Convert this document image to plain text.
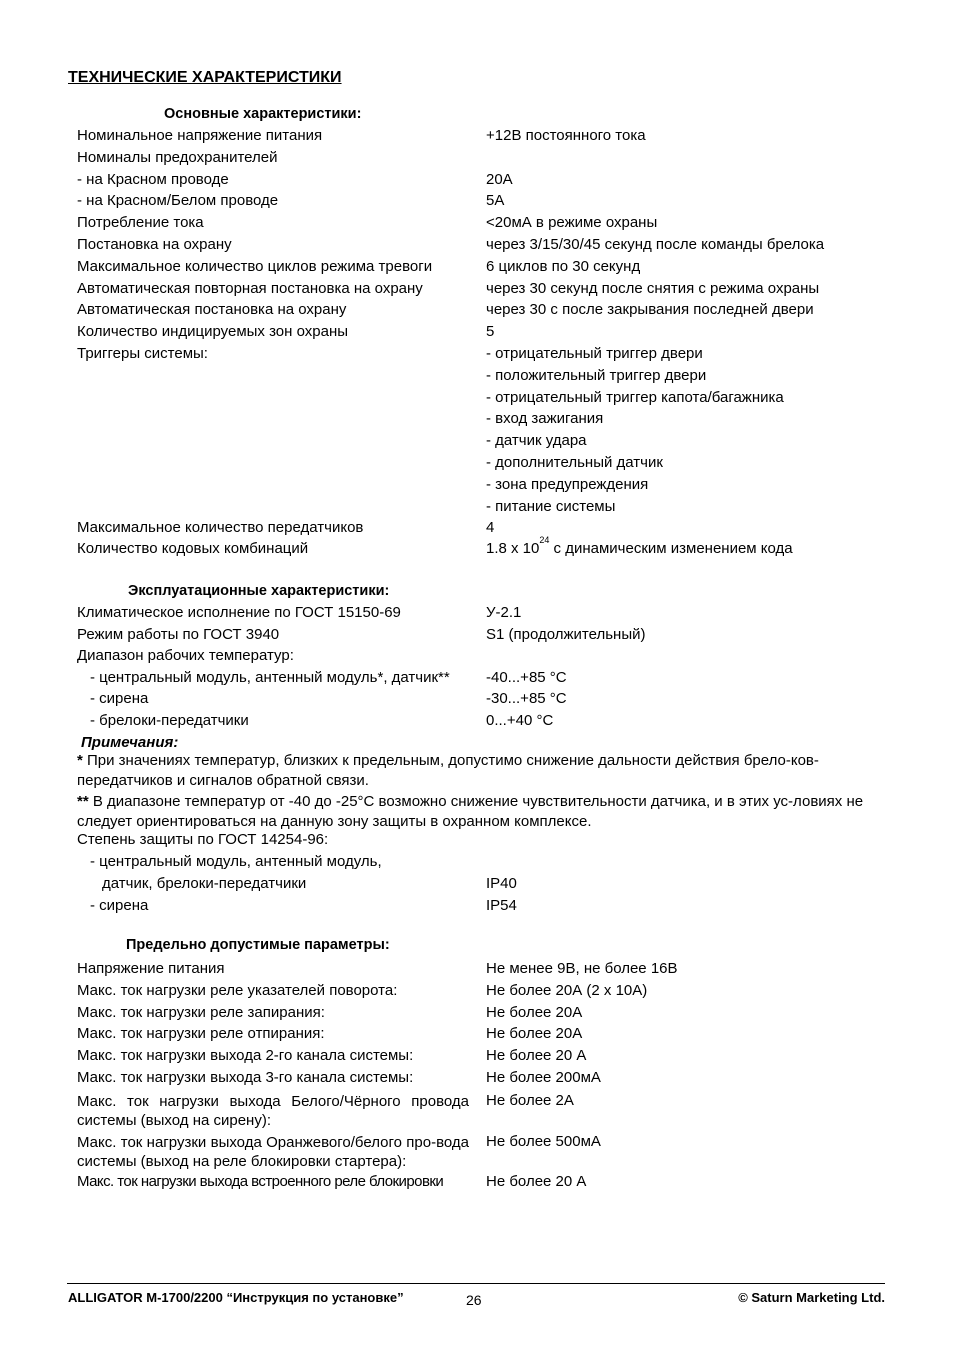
ТЕХНИЧЕСКИЕ ХАРАКТЕРИСТИКИ
Основные характеристики:
Номинальное напряжение питания	+12В постоянного тока
Номиналы предохранителей
- на Красном проводе	20А
- на Красном/Белом проводе	5А
Потребление тока	<20мА в режиме охраны
Постановка на охрану	через 3/15/30/45 секунд после команды брелока
Максимальное количество циклов режима тревоги	6 циклов по 30 секунд
Автоматическая повторная постановка на охрану	через 30 секунд после снятия с режима охраны
Автоматическая постановка на охрану	через 30 с после закрывания последней двери
Количество индицируемых зон охраны	5
Триггеры системы:	- отрицательный триггер двери
- положительный триггер двери
- отрицательный триггер капота/багажника
- вход зажигания
- датчик удара
- дополнительный датчик
- зона предупреждения
- питание системы
Максимальное количество передатчиков	4
Количество кодовых комбинаций	1.8 x $10^{24}$ с динамическим изменением кода
Эксплуатационные характеристики:
Климатическое исполнение по ГОСТ 15150-69	У-2.1
Режим работы по ГОСТ 3940	S1 (продолжительный)
Диапазон рабочих температур:
- центральный модуль, антенный модуль*, датчик** -40...+85 °C
- сирена	-30...+85 °C
- брелоки-передатчики	0...+40 °C
Примечания:
* При значениях температур, близких к предельным, допустимо снижение дальности действия брело-ков-передатчиков и сигналов обратной связи.
** В диапазоне температур от -40 до -25°С возможно снижение чувствительности датчика, и в этих ус-ловиях не следует ориентироваться на данную зону защиты в охранном комплексе.
Степень защиты по ГОСТ 14254-96:
- центральный модуль, антенный модуль,
датчик, брелоки-передатчики	IP40
- сирена	IP54
Предельно допустимые параметры:
Напряжение питания	Не менее 9В, не более 16В
Макс. ток нагрузки реле указателей поворота:	Не более 20А (2 x 10А)
Макс. ток нагрузки реле запирания:	Не более 20А
Макс. ток нагрузки реле отпирания:	Не более 20А
Макс. ток нагрузки выхода 2-го канала системы:	Не более 20 А
Макс. ток нагрузки выхода 3-го канала системы:	Не более 200мА
Макс. ток нагрузки выхода Белого/Чёрного провода системы (выход на сирену):
Не более 2А
Макс. ток нагрузки выхода Оранжевого/белого про-вода системы (выход на реле блокировки стартера):
Не более 500мА
Макс. ток нагрузки выхода встроенного реле блокировки	Не более 20 А
ALLIGATOR M-1700/2200 “Инструкция по установке”	26	© Saturn Marketing Ltd.
